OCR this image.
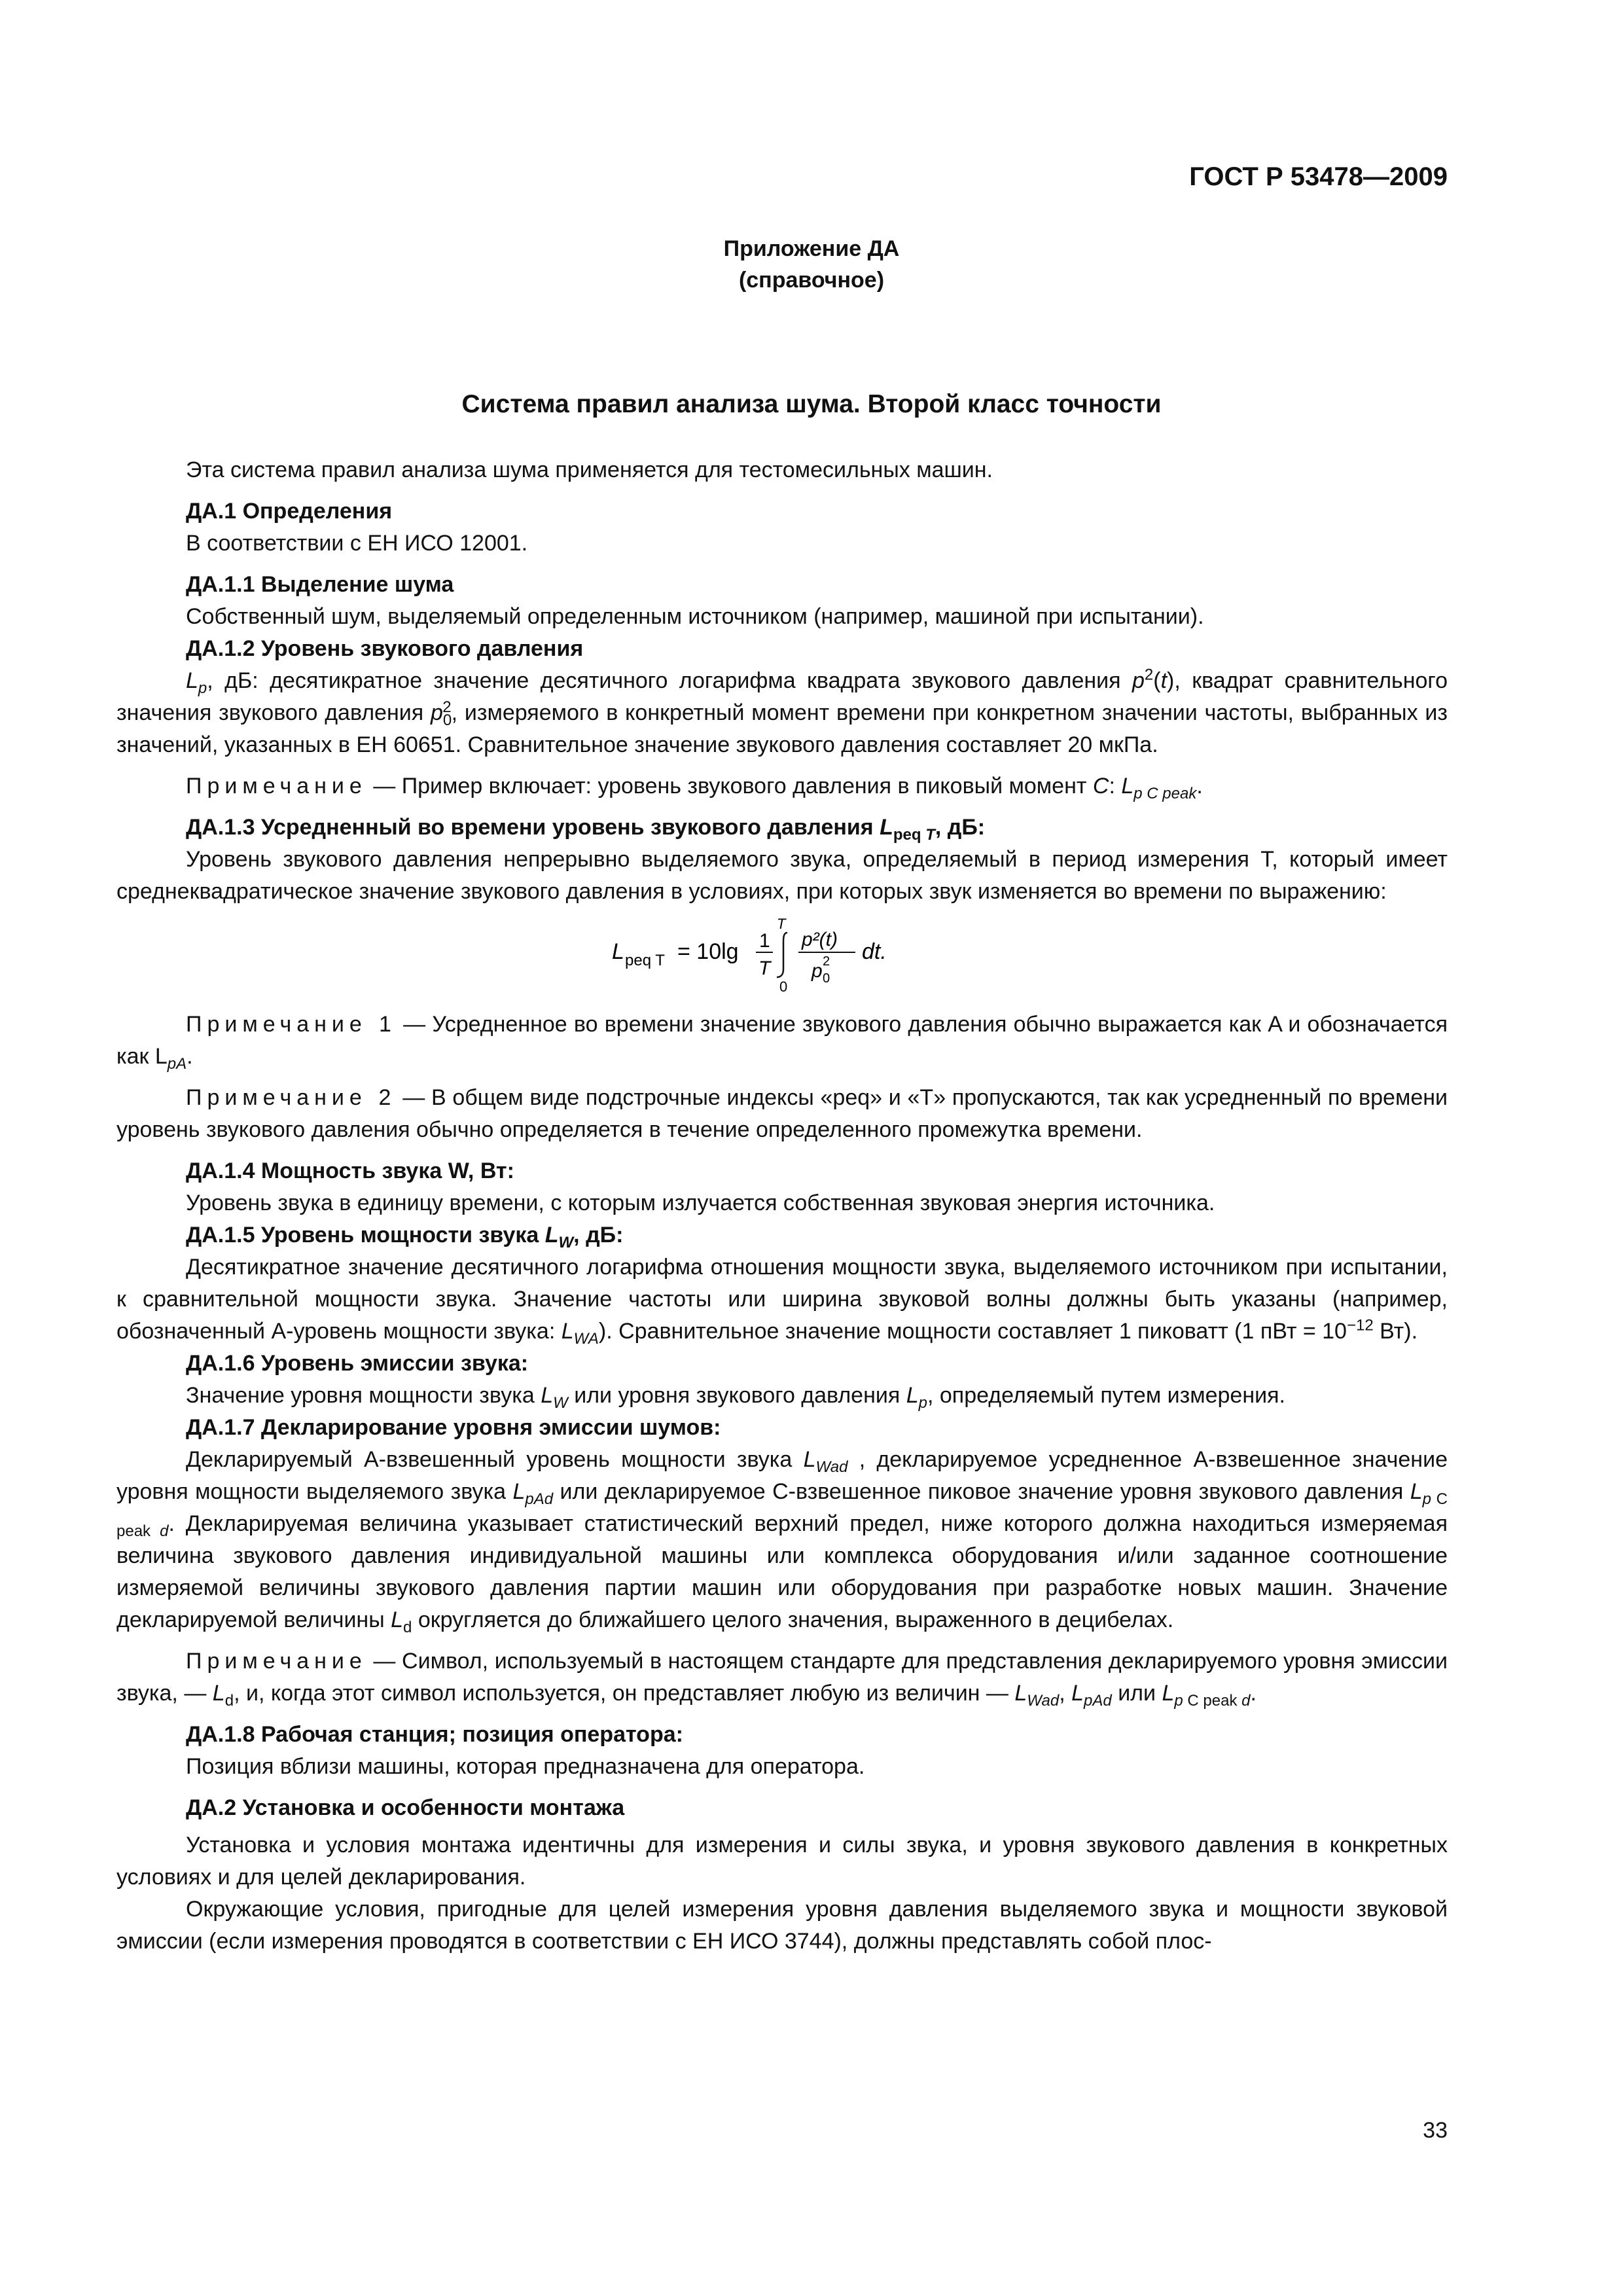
ГОСТ Р 53478—2009
Приложение ДА
(справочное)
Система правил анализа шума. Второй класс точности

Эта система правил анализа шума применяется для тестомесильных машин.

ДА.1 Определения

В соответствии с ЕН ИСО 12001.

ДА.1.1 Выделение шума

Собственный шум, выделяемый определенным источником (например, машиной при испытании).

ДА.1.2 Уровень звукового давления

$L_p$, дБ: десятикратное значение десятичного логарифма квадрата звукового давления $p^2(t)$, квадрат сравнительного значения звукового давления $p_0^2$, измеряемого в конкретный момент времени при конкретном значении частоты, выбранных из значений, указанных в ЕН 60651. Сравнительное значение звукового давления составляет 20 мкПа.

Примечание — Пример включает: уровень звукового давления в пиковый момент C: $L_{p C peak}$.

ДА.1.3 Усредненный во времени уровень звукового давления $L_{peq T}$, дБ:

Уровень звукового давления непрерывно выделяемого звука, определяемый в период измерения T, который имеет среднеквадратическое значение звукового давления в условиях, при которых звук изменяется во времени по выражению:

L peq T = 10lg 1
T
T
0
p²(t)
p 0
2 dt.

Примечание 1 — Усредненное во времени значение звукового давления обычно выражается как A и обозначается как $L_{pA}$.

Примечание 2 — В общем виде подстрочные индексы «peq» и «T» пропускаются, так как усредненный по времени уровень звукового давления обычно определяется в течение определенного промежутка времени.

ДА.1.4 Мощность звука W, Вт:

Уровень звука в единицу времени, с которым излучается собственная звуковая энергия источника.

ДА.1.5 Уровень мощности звука $L_W$, дБ:

Десятикратное значение десятичного логарифма отношения мощности звука, выделяемого источником при испытании, к сравнительной мощности звука. Значение частоты или ширина звуковой волны должны быть указаны (например, обозначенный A-уровень мощности звука: $L_{WA}$). Сравнительное значение мощности составляет 1 пиковатт (1 пВт = $10^{-12}$ Вт).

ДА.1.6 Уровень эмиссии звука:

Значение уровня мощности звука $L_W$ или уровня звукового давления $L_p$, определяемый путем измерения.

ДА.1.7 Декларирование уровня эмиссии шумов:

Декларируемый A-взвешенный уровень мощности звука $L_{Wad}$ , декларируемое усредненное A-взвешенное значение уровня мощности выделяемого звука $L_{pAd}$ или декларируемое C-взвешенное пиковое значение уровня звукового давления $L_{p C peak d}$. Декларируемая величина указывает статистический верхний предел, ниже которого должна находиться измеряемая величина звукового давления индивидуальной машины или комплекса оборудования и/или заданное соотношение измеряемой величины звукового давления партии машин или оборудования при разработке новых машин. Значение декларируемой величины $L_d$ округляется до ближайшего целого значения, выраженного в децибелах.

Примечание — Символ, используемый в настоящем стандарте для представления декларируемого уровня эмиссии звука, — $L_d$, и, когда этот символ используется, он представляет любую из величин — $L_{Wad}$, $L_{pAd}$ или $L_{p C peak d}$.

ДА.1.8 Рабочая станция; позиция оператора:

Позиция вблизи машины, которая предназначена для оператора.

ДА.2 Установка и особенности монтажа

Установка и условия монтажа идентичны для измерения и силы звука, и уровня звукового давления в конкретных условиях и для целей декларирования.

Окружающие условия, пригодные для целей измерения уровня давления выделяемого звука и мощности звуковой эмиссии (если измерения проводятся в соответствии с ЕН ИСО 3744), должны представлять собой плос-

33
